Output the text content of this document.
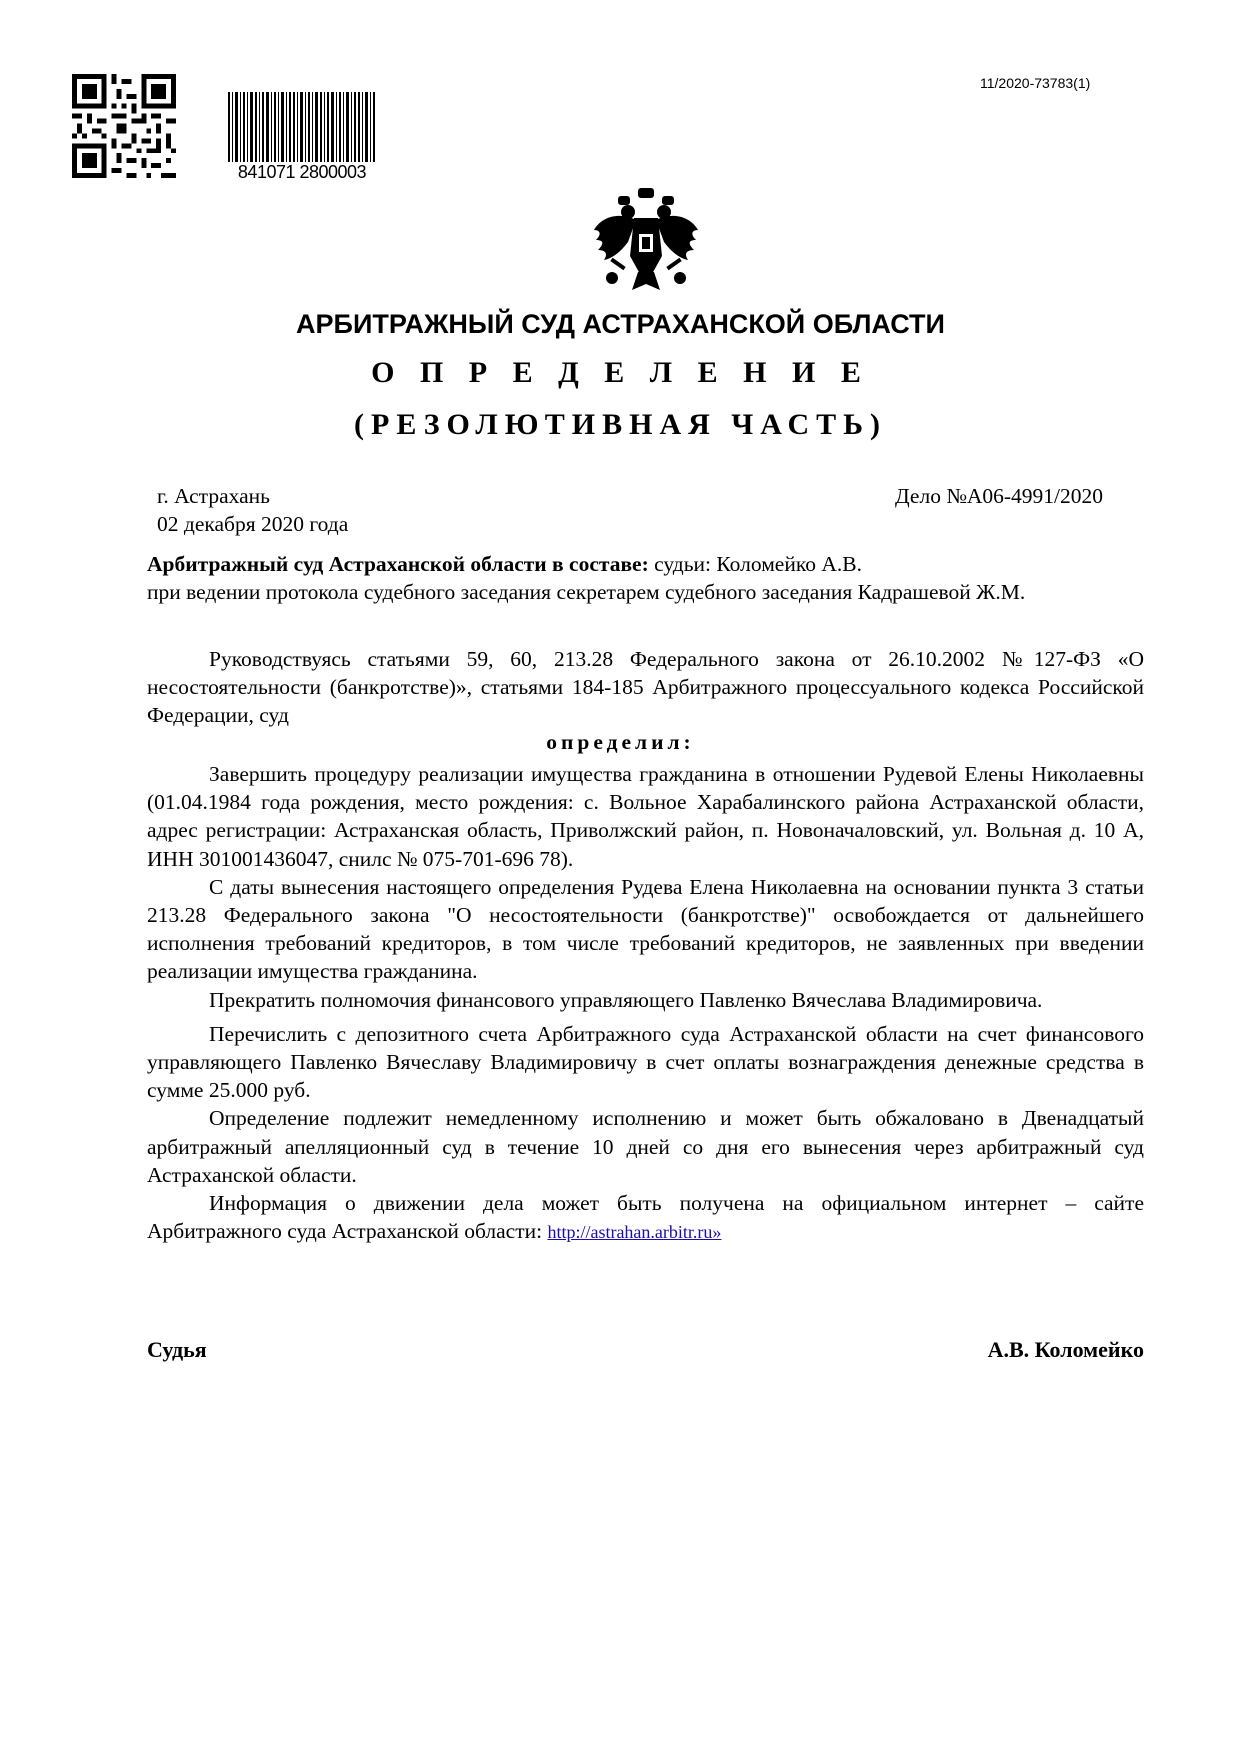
11/2020-73783(1)
841071 2800003
АРБИТРАЖНЫЙ СУД АСТРАХАНСКОЙ ОБЛАСТИ
О П Р Е Д Е Л Е Н И Е
(РЕЗОЛЮТИВНАЯ ЧАСТЬ)
г. Астрахань	Дело №А06-4991/2020
02 декабря 2020 года
Арбитражный суд Астраханской области в составе: судьи: Коломейко А.В.
при ведении протокола судебного заседания секретарем судебного заседания Кадрашевой Ж.М.

Руководствуясь статьями 59, 60, 213.28 Федерального закона от 26.10.2002 №127-ФЗ «О несостоятельности (банкротстве)», статьями 184-185 Арбитражного процессуального кодекса Российской Федерации, суд

определил:

Завершить процедуру реализации имущества гражданина в отношении Рудевой Елены Николаевны (01.04.1984 года рождения, место рождения: с. Вольное Харабалинского района Астраханской области, адрес регистрации: Астраханская область, Приволжский район, п. Новоначаловский, ул. Вольная д. 10 А, ИНН 301001436047, снилс № 075-701-696 78).

С даты вынесения настоящего определения Рудева Елена Николаевна на основании пункта 3 статьи 213.28 Федерального закона "О несостоятельности (банкротстве)" освобождается от дальнейшего исполнения требований кредиторов, в том числе требований кредиторов, не заявленных при введении реализации имущества гражданина.

Прекратить полномочия финансового управляющего Павленко Вячеслава Владимировича.

Перечислить с депозитного счета Арбитражного суда Астраханской области на счет финансового управляющего Павленко Вячеславу Владимировичу в счет оплаты вознаграждения денежные средства в сумме 25.000 руб.

Определение подлежит немедленному исполнению и может быть обжаловано в Двенадцатый арбитражный апелляционный суд в течение 10 дней со дня его вынесения через арбитражный суд Астраханской области.

Информация о движении дела может быть получена на официальном интернет – сайте Арбитражного суда Астраханской области: http://astrahan.arbitr.ru»

Судья	А.В. Коломейко
